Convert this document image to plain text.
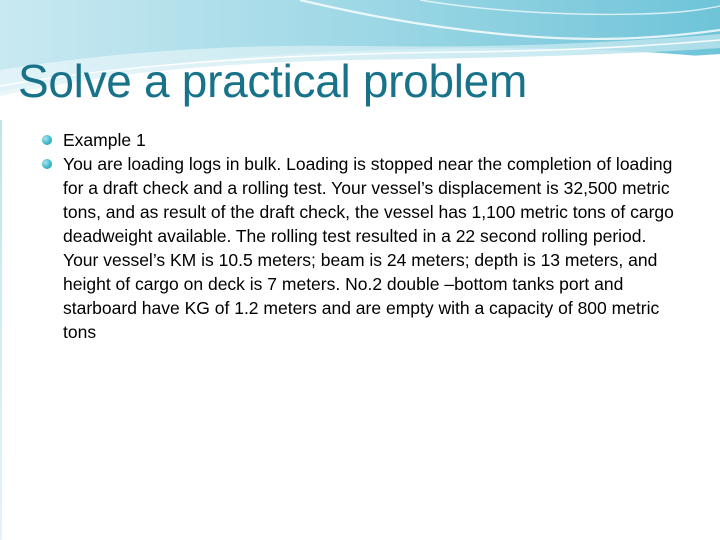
Solve a practical problem
Example 1
You are loading logs in bulk. Loading is stopped near the completion of loading for a draft check and a rolling test. Your vessel’s displacement is 32,500 metric tons, and as result of the draft check, the vessel has 1,100 metric tons of cargo deadweight available. The rolling test resulted in a 22 second rolling period. Your vessel’s KM is 10.5 meters; beam is 24 meters; depth is 13 meters, and height of cargo on deck is 7 meters. No.2 double –bottom tanks port and starboard have KG of 1.2 meters and are empty with a capacity of 800 metric tons
